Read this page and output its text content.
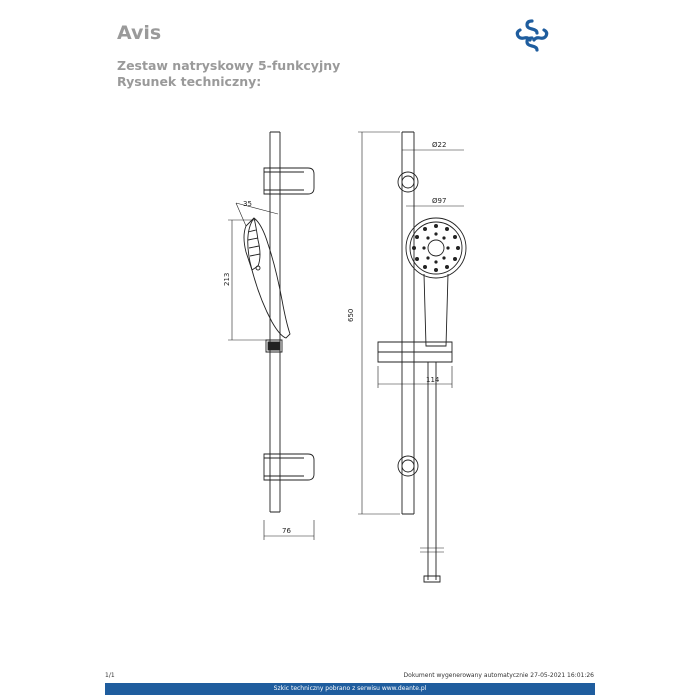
Avis
Zestaw natryskowy 5-funkcyjny
Rysunek techniczny:
Ø22
Ø97
650
114
35
213
76
1/1	Dokument wygenerowany automatycznie 27-05-2021 16:01:26
Szkic techniczny pobrano z serwisu www.deante.pl
